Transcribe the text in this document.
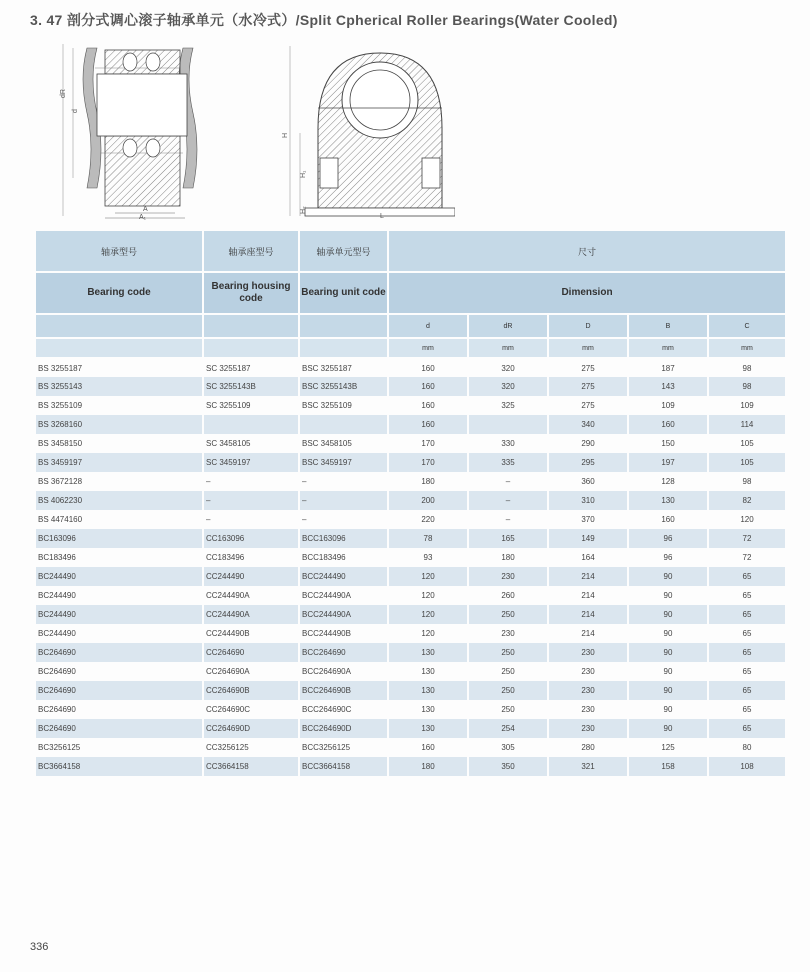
3. 47 剖分式调心滚子轴承单元（水冷式）/Split Cpherical Roller Bearings(Water Cooled)
dR
d
A
A₁
H
H₁
H₂
L
轴承型号	轴承座型号	轴承单元型号	尺寸				
Bearing code	Bearing housing code	Bearing unit code	Dimension				
			d	dR	D	B	C
			mm	mm	mm	mm	mm
BS 3255187	SC 3255187	BSC 3255187	160	320	275	187	98
BS 3255143	SC 3255143B	BSC 3255143B	160	320	275	143	98
BS 3255109	SC 3255109	BSC 3255109	160	325	275	109	109
BS 3268160			160		340	160	114
BS 3458150	SC 3458105	BSC 3458105	170	330	290	150	105
BS 3459197	SC 3459197	BSC 3459197	170	335	295	197	105
BS 3672128	–	–	180	–	360	128	98
BS 4062230	–	–	200	–	310	130	82
BS 4474160	–	–	220	–	370	160	120
BC163096	CC163096	BCC163096	78	165	149	96	72
BC183496	CC183496	BCC183496	93	180	164	96	72
BC244490	CC244490	BCC244490	120	230	214	90	65
BC244490	CC244490A	BCC244490A	120	260	214	90	65
BC244490	CC244490A	BCC244490A	120	250	214	90	65
BC244490	CC244490B	BCC244490B	120	230	214	90	65
BC264690	CC264690	BCC264690	130	250	230	90	65
BC264690	CC264690A	BCC264690A	130	250	230	90	65
BC264690	CC264690B	BCC264690B	130	250	230	90	65
BC264690	CC264690C	BCC264690C	130	250	230	90	65
BC264690	CC264690D	BCC264690D	130	254	230	90	65
BC3256125	CC3256125	BCC3256125	160	305	280	125	80
BC3664158	CC3664158	BCC3664158	180	350	321	158	108
336
